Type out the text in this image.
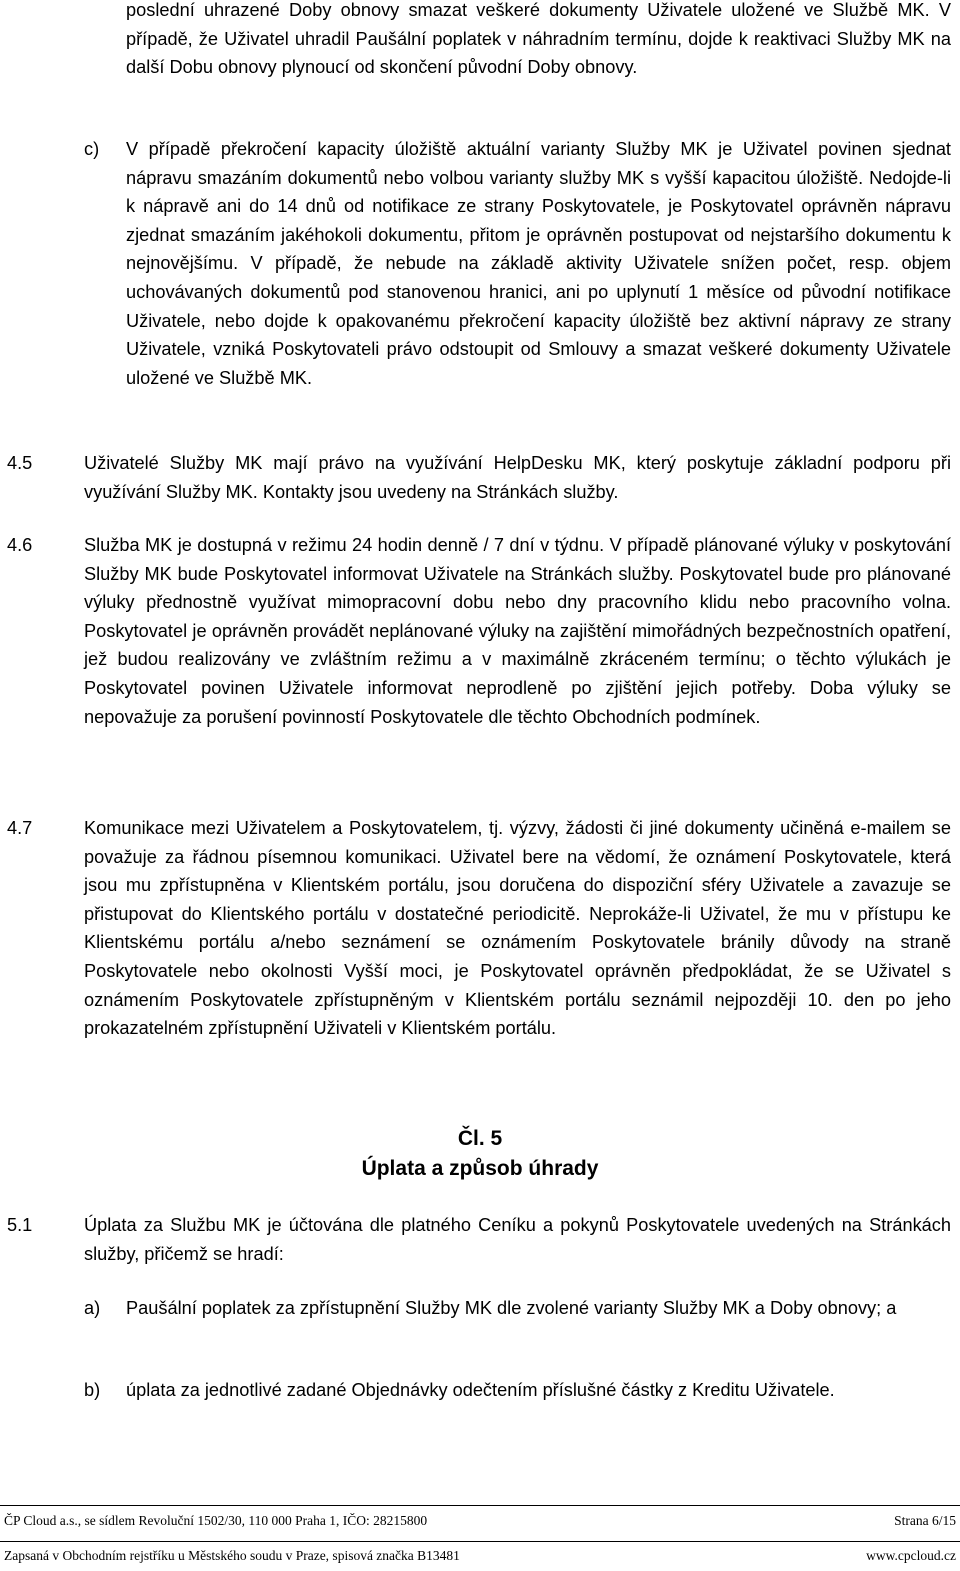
poslední uhrazené Doby obnovy smazat veškeré dokumenty Uživatele uložené ve Službě MK. V případě, že Uživatel uhradil Paušální poplatek v náhradním termínu, dojde k reaktivaci Služby MK na další Dobu obnovy plynoucí od skončení původní Doby obnovy.

c) V případě překročení kapacity úložiště aktuální varianty Služby MK je Uživatel povinen sjednat nápravu smazáním dokumentů nebo volbou varianty služby MK s vyšší kapacitou úložiště. Nedojde-li k nápravě ani do 14 dnů od notifikace ze strany Poskytovatele, je Poskytovatel oprávněn nápravu zjednat smazáním jakéhokoli dokumentu, přitom je oprávněn postupovat od nejstaršího dokumentu k nejnovějšímu. V případě, že nebude na základě aktivity Uživatele snížen počet, resp. objem uchovávaných dokumentů pod stanovenou hranici, ani po uplynutí 1 měsíce od původní notifikace Uživatele, nebo dojde k opakovanému překročení kapacity úložiště bez aktivní nápravy ze strany Uživatele, vzniká Poskytovateli právo odstoupit od Smlouvy a smazat veškeré dokumenty Uživatele uložené ve Službě MK.

4.5	Uživatelé Služby MK mají právo na využívání HelpDesku MK, který poskytuje základní podporu při využívání Služby MK. Kontakty jsou uvedeny na Stránkách služby.

4.6	Služba MK je dostupná v režimu 24 hodin denně / 7 dní v týdnu. V případě plánované výluky v poskytování Služby MK bude Poskytovatel informovat Uživatele na Stránkách služby. Poskytovatel bude pro plánované výluky přednostně využívat mimopracovní dobu nebo dny pracovního klidu nebo pracovního volna. Poskytovatel je oprávněn provádět neplánované výluky na zajištění mimořádných bezpečnostních opatření, jež budou realizovány ve zvláštním režimu a v maximálně zkráceném termínu; o těchto výlukách je Poskytovatel povinen Uživatele informovat neprodleně po zjištění jejich potřeby. Doba výluky se nepovažuje za porušení povinností Poskytovatele dle těchto Obchodních podmínek.

4.7	Komunikace mezi Uživatelem a Poskytovatelem, tj. výzvy, žádosti či jiné dokumenty učiněná e-mailem se považuje za řádnou písemnou komunikaci. Uživatel bere na vědomí, že oznámení Poskytovatele, která jsou mu zpřístupněna v Klientském portálu, jsou doručena do dispoziční sféry Uživatele a zavazuje se přistupovat do Klientského portálu v dostatečné periodicitě. Neprokáže-li Uživatel, že mu v přístupu ke Klientskému portálu a/nebo seznámení se oznámením Poskytovatele bránily důvody na straně Poskytovatele nebo okolnosti Vyšší moci, je Poskytovatel oprávněn předpokládat, že se Uživatel s oznámením Poskytovatele zpřístupněným v Klientském portálu seznámil nejpozději 10. den po jeho prokazatelném zpřístupnění Uživateli v Klientském portálu.

Čl. 5
Úplata a způsob úhrady
5.1	Úplata za Službu MK je účtována dle platného Ceníku a pokynů Poskytovatele uvedených na Stránkách služby, přičemž se hradí:

a) Paušální poplatek za zpřístupnění Služby MK dle zvolené varianty Služby MK a Doby obnovy; a

b) úplata za jednotlivé zadané Objednávky odečtením příslušné částky z Kreditu Uživatele.

ČP Cloud a.s., se sídlem Revoluční 1502/30, 110 000 Praha 1, IČO: 28215800	Strana 6/15
Zapsaná v Obchodním rejstříku u Městského soudu v Praze, spisová značka B13481	www.cpcloud.cz
